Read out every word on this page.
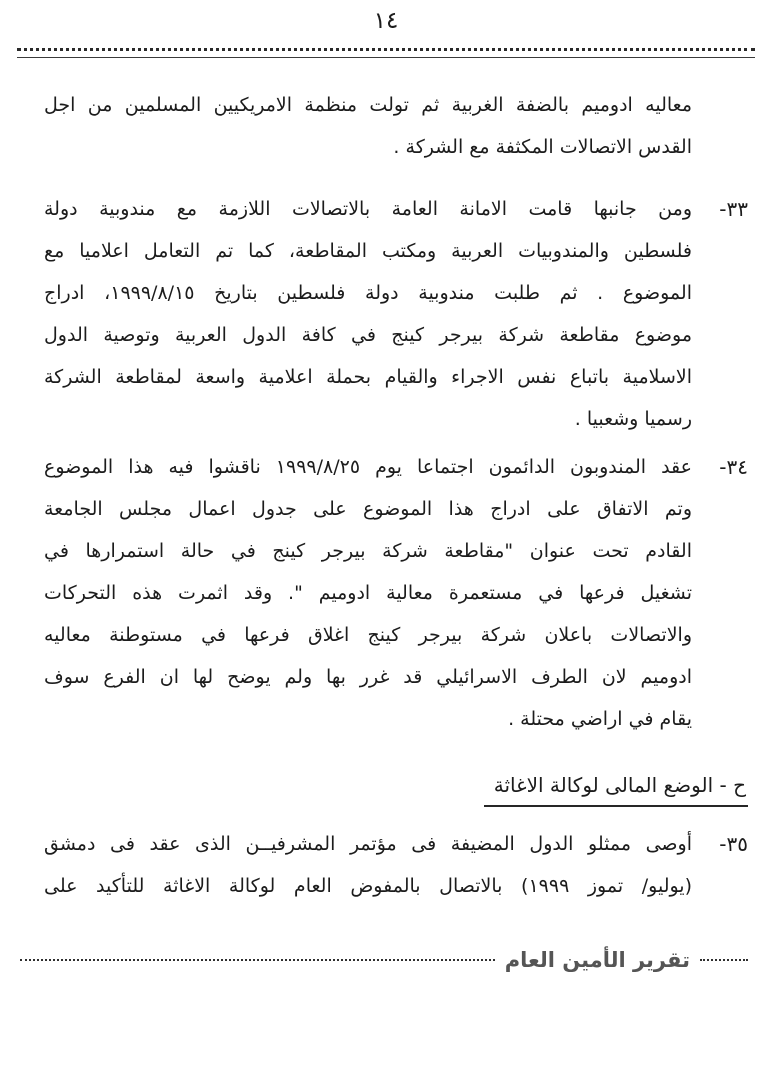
١٤
معاليه ادوميم بالضفة الغربية ثم تولت منظمة الامريكيين المسلمين من اجل
القدس الاتصالات المكثفة مع الشركة .
٣٣-
ومن جانبها قامت الامانة العامة بالاتصالات اللازمة مع مندوبية دولة
فلسطين والمندوبيات العربية ومكتب المقاطعة، كما تم التعامل اعلاميا مع
الموضوع . ثم طلبت مندوبية دولة فلسطين بتاريخ ١٩٩٩/٨/١٥، ادراج
موضوع مقاطعة شركة بيرجر كينج في كافة الدول العربية وتوصية الدول
الاسلامية باتباع نفس الاجراء والقيام بحملة اعلامية واسعة لمقاطعة الشركة
رسميا وشعبيا .
٣٤-
عقد المندوبون الدائمون اجتماعا يوم ١٩٩٩/٨/٢٥ ناقشوا فيه هذا الموضوع
وتم الاتفاق على ادراج هذا الموضوع على جدول اعمال مجلس الجامعة
القادم تحت عنوان "مقاطعة شركة بيرجر كينج في حالة استمرارها في
تشغيل فرعها في مستعمرة معالية ادوميم ". وقد اثمرت هذه التحركات
والاتصالات باعلان شركة بيرجر كينج اغلاق فرعها في مستوطنة معاليه
ادوميم لان الطرف الاسرائيلي قد غرر بها ولم يوضح لها ان الفرع سوف
يقام في اراضي محتلة .
ح - الوضع المالى لوكالة الاغاثة
٣٥-
أوصى ممثلو الدول المضيفة فى مؤتمر المشرفيــن الذى عقد فى دمشق
(يوليو/ تموز ١٩٩٩) بالاتصال بالمفوض العام لوكالة الاغاثة للتأكيد على
تقرير الأمين العام
